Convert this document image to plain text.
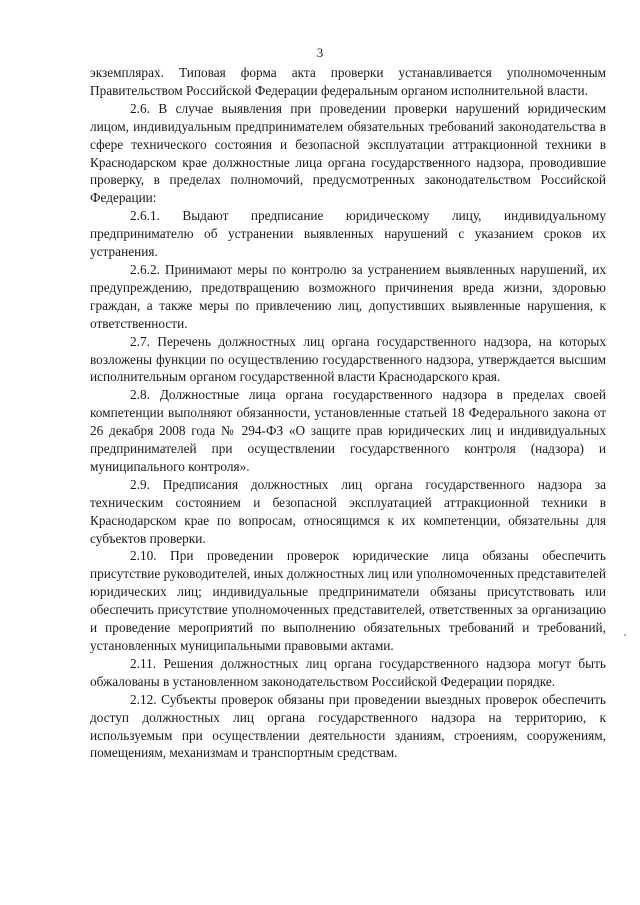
3

экземплярах. Типовая форма акта проверки устанавливается уполномоченным Правительством Российской Федерации федеральным органом исполнительной власти.

2.6. В случае выявления при проведении проверки нарушений юридическим лицом, индивидуальным предпринимателем обязательных требований законодательства в сфере технического состояния и безопасной эксплуатации аттракционной техники в Краснодарском крае должностные лица органа государственного надзора, проводившие проверку, в пределах полномочий, предусмотренных законодательством Российской Федерации:

2.6.1. Выдают предписание юридическому лицу, индивидуальному предпринимателю об устранении выявленных нарушений с указанием сроков их устранения.

2.6.2. Принимают меры по контролю за устранением выявленных нарушений, их предупреждению, предотвращению возможного причинения вреда жизни, здоровью граждан, а также меры по привлечению лиц, допустивших выявленные нарушения, к ответственности.

2.7. Перечень должностных лиц органа государственного надзора, на которых возложены функции по осуществлению государственного надзора, утверждается высшим исполнительным органом государственной власти Краснодарского края.

2.8. Должностные лица органа государственного надзора в пределах своей компетенции выполняют обязанности, установленные статьей 18 Федерального закона от 26 декабря 2008 года № 294-ФЗ «О защите прав юридических лиц и индивидуальных предпринимателей при осуществлении государственного контроля (надзора) и муниципального контроля».

2.9. Предписания должностных лиц органа государственного надзора за техническим состоянием и безопасной эксплуатацией аттракционной техники в Краснодарском крае по вопросам, относящимся к их компетенции, обязательны для субъектов проверки.

2.10. При проведении проверок юридические лица обязаны обеспечить присутствие руководителей, иных должностных лиц или уполномоченных представителей юридических лиц; индивидуальные предприниматели обязаны присутствовать или обеспечить присутствие уполномоченных представителей, ответственных за организацию и проведение мероприятий по выполнению обязательных требований и требований, установленных муниципальными правовыми актами.

2.11. Решения должностных лиц органа государственного надзора могут быть обжалованы в установленном законодательством Российской Федерации порядке.

2.12. Субъекты проверок обязаны при проведении выездных проверок обеспечить доступ должностных лиц органа государственного надзора на территорию, к используемым при осуществлении деятельности зданиям, строениям, сооружениям, помещениям, механизмам и транспортным средствам.
